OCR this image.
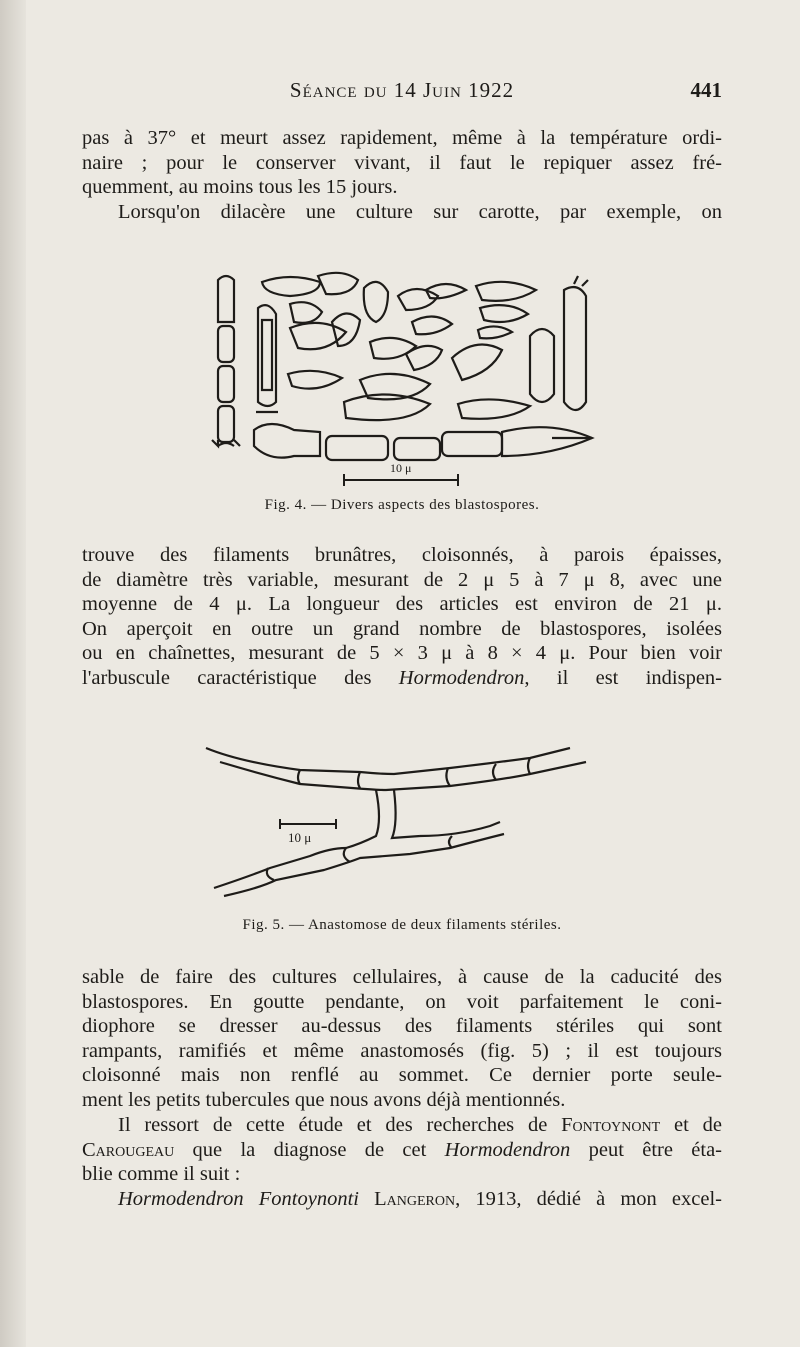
Séance du 14 Juin 1922	441
pas à 37° et meurt assez rapidement, même à la température ordi-
naire ; pour le conserver vivant, il faut le repiquer assez fré-
quemment, au moins tous les 15 jours.
Lorsqu'on dilacère une culture sur carotte, par exemple, on
10 μ
Fig. 4. — Divers aspects des blastospores.
trouve des filaments brunâtres, cloisonnés, à parois épaisses,
de diamètre très variable, mesurant de 2 μ 5 à 7 μ 8, avec une
moyenne de 4 μ. La longueur des articles est environ de 21 μ.
On aperçoit en outre un grand nombre de blastospores, isolées
ou en chaînettes, mesurant de 5 × 3 μ à 8 × 4 μ. Pour bien voir
l'arbuscule caractéristique des Hormodendron, il est indispen-
10 μ
Fig. 5. — Anastomose de deux filaments stériles.
sable de faire des cultures cellulaires, à cause de la caducité des
blastospores. En goutte pendante, on voit parfaitement le coni-
diophore se dresser au-dessus des filaments stériles qui sont
rampants, ramifiés et même anastomosés (fig. 5) ; il est toujours
cloisonné mais non renflé au sommet. Ce dernier porte seule-
ment les petits tubercules que nous avons déjà mentionnés.
Il ressort de cette étude et des recherches de Fontoynont et de
Carougeau que la diagnose de cet Hormodendron peut être éta-
blie comme il suit :
Hormodendron Fontoynonti Langeron, 1913, dédié à mon excel-
